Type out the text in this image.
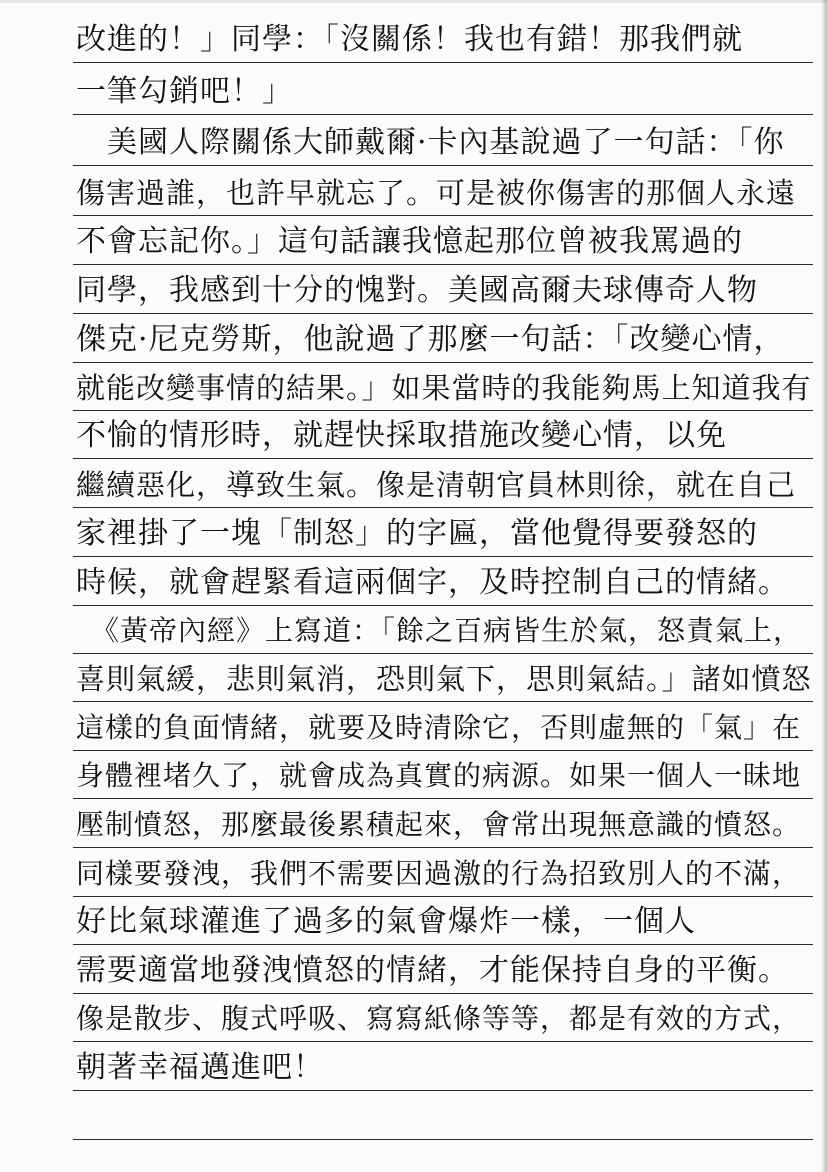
改進的！」同學：「沒關係！我也有錯！那我們就
一筆勾銷吧！」
　美國人際關係大師戴爾·卡內基說過了一句話：「你
傷害過誰，也許早就忘了。可是被你傷害的那個人永遠
不會忘記你。」這句話讓我憶起那位曾被我罵過的
同學，我感到十分的愧對。美國高爾夫球傳奇人物
傑克·尼克勞斯，他說過了那麼一句話：「改變心情，
就能改變事情的結果。」如果當時的我能夠馬上知道我有
不愉的情形時，就趕快採取措施改變心情，以免
繼續惡化，導致生氣。像是清朝官員林則徐，就在自己
家裡掛了一塊「制怒」的字匾，當他覺得要發怒的
時候，就會趕緊看這兩個字，及時控制自己的情緒。
　《黃帝內經》上寫道：「餘之百病皆生於氣，怒責氣上，
喜則氣緩，悲則氣消，恐則氣下，思則氣結。」諸如憤怒
這樣的負面情緒，就要及時清除它，否則虛無的「氣」在
身體裡堵久了，就會成為真實的病源。如果一個人一昧地
壓制憤怒，那麼最後累積起來，會常出現無意識的憤怒。
同樣要發洩，我們不需要因過激的行為招致別人的不滿，
好比氣球灌進了過多的氣會爆炸一樣，一個人
需要適當地發洩憤怒的情緒，才能保持自身的平衡。
像是散步、腹式呼吸、寫寫紙條等等，都是有效的方式，
朝著幸福邁進吧！
